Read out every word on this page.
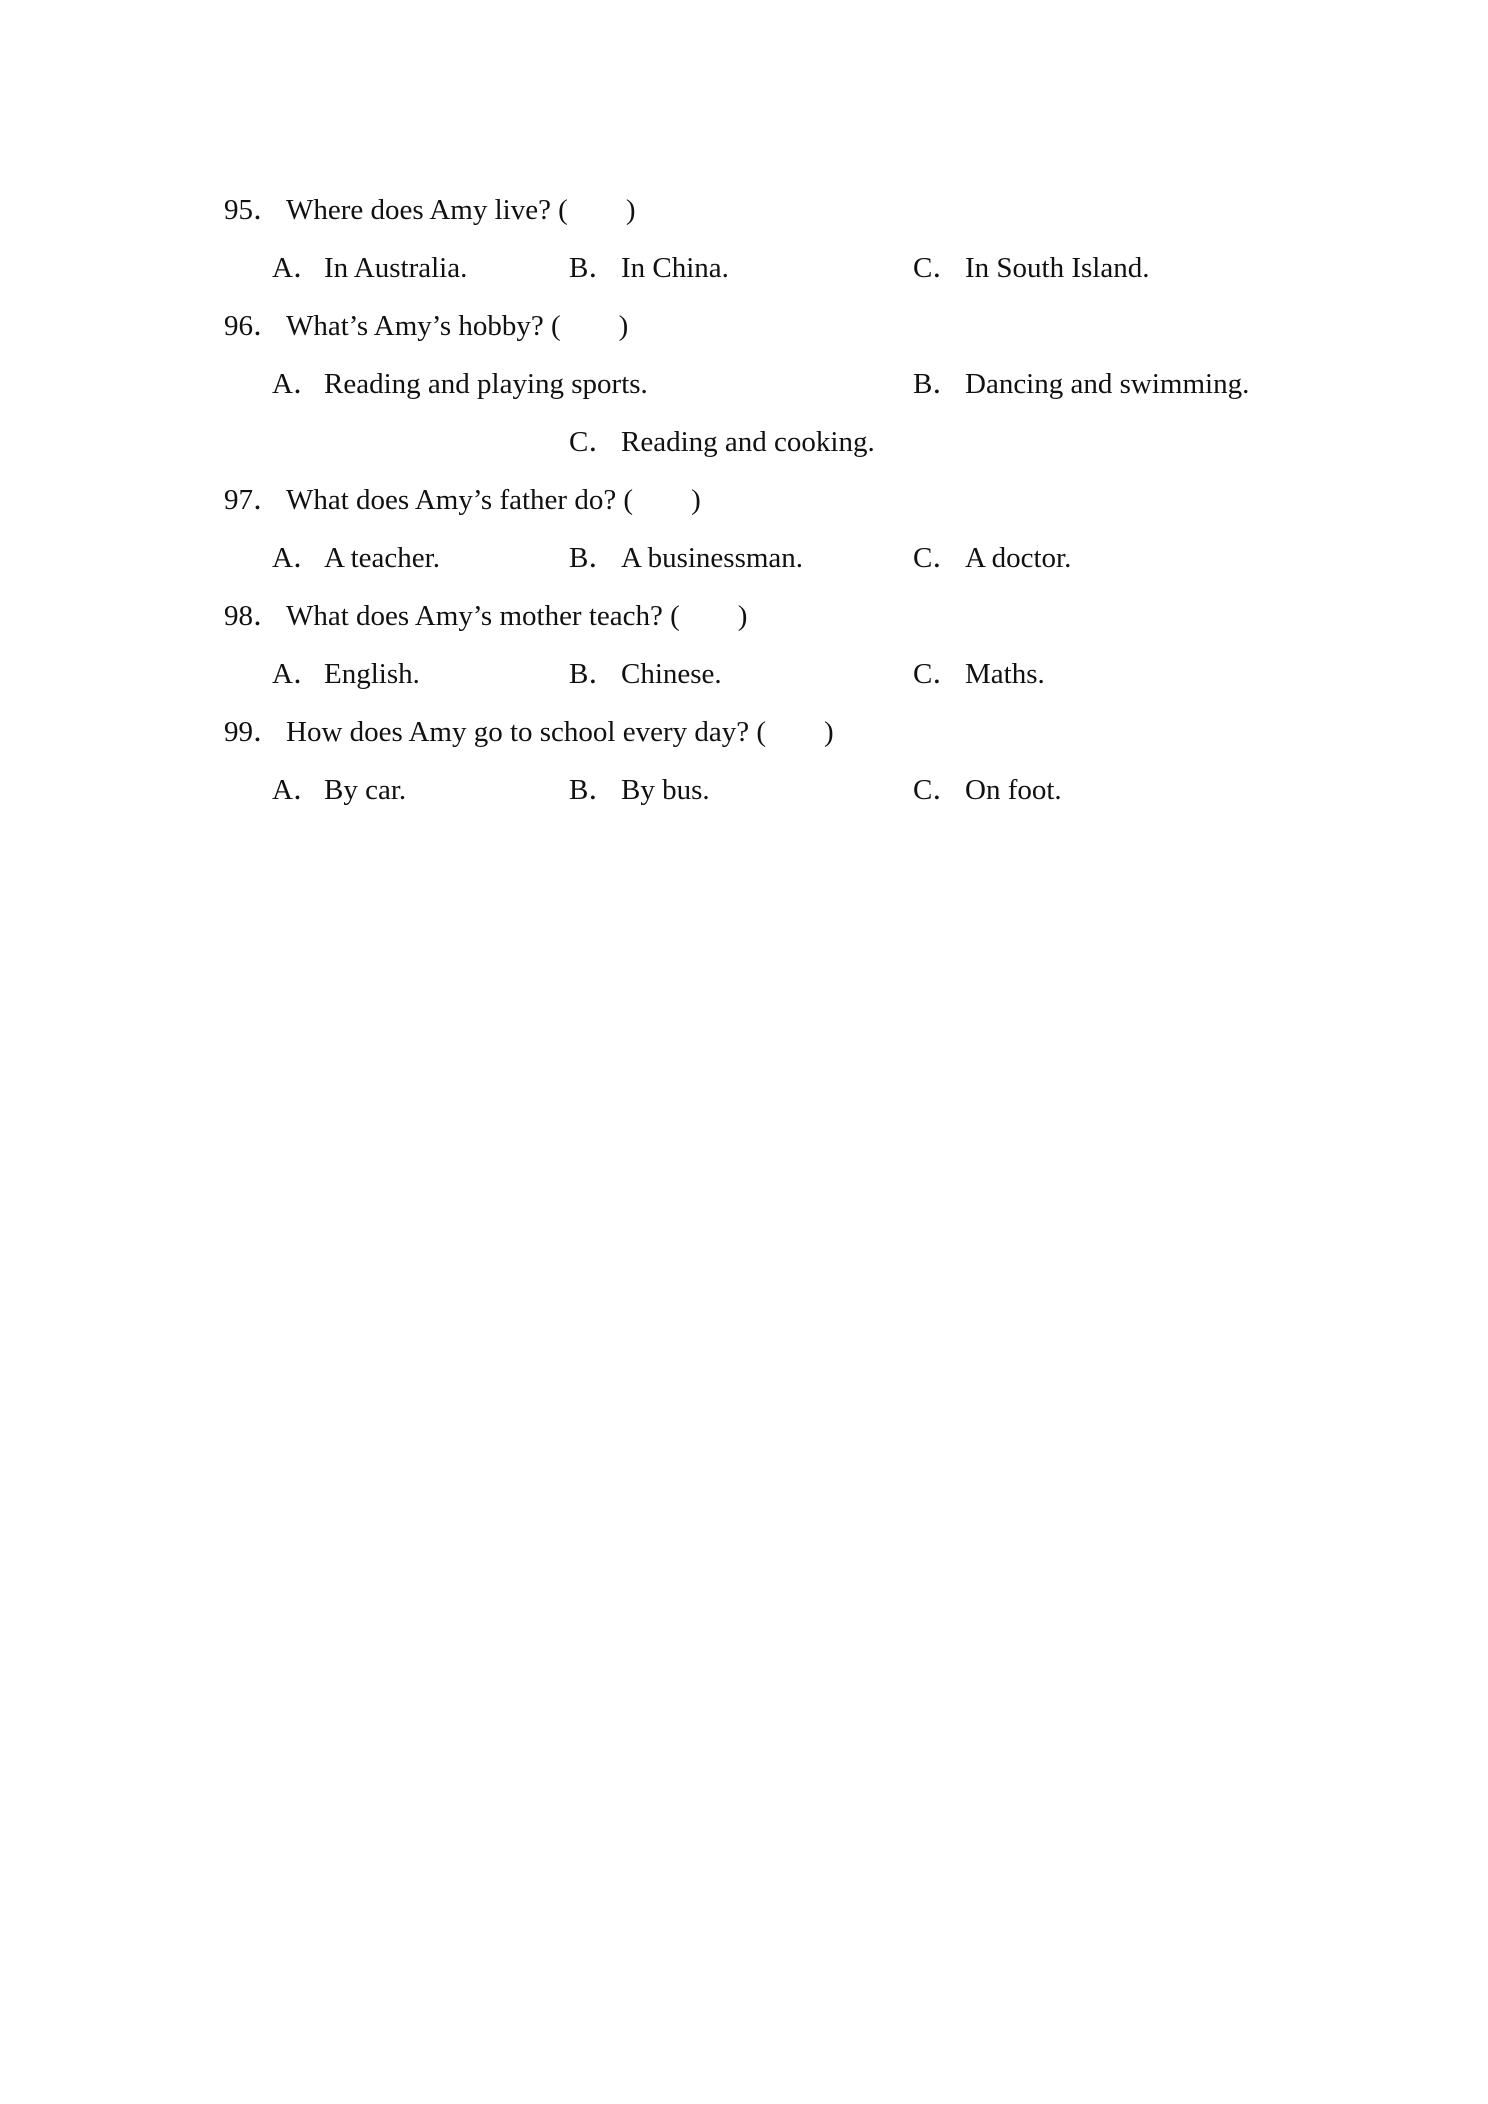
95． Where does Amy live? (　　)
A．In Australia.	B． In China.	C． In South Island.
96． What’s Amy’s hobby? (　　)
A．Reading and playing sports.	B． Dancing and swimming.
C． Reading and cooking.
97． What does Amy’s father do? (　　)
A．A teacher.	B． A businessman.	C． A doctor.
98． What does Amy’s mother teach? (　　)
A．English.	B． Chinese.	C． Maths.
99． How does Amy go to school every day? (　　)
A．By car.	B． By bus.	C． On foot.
